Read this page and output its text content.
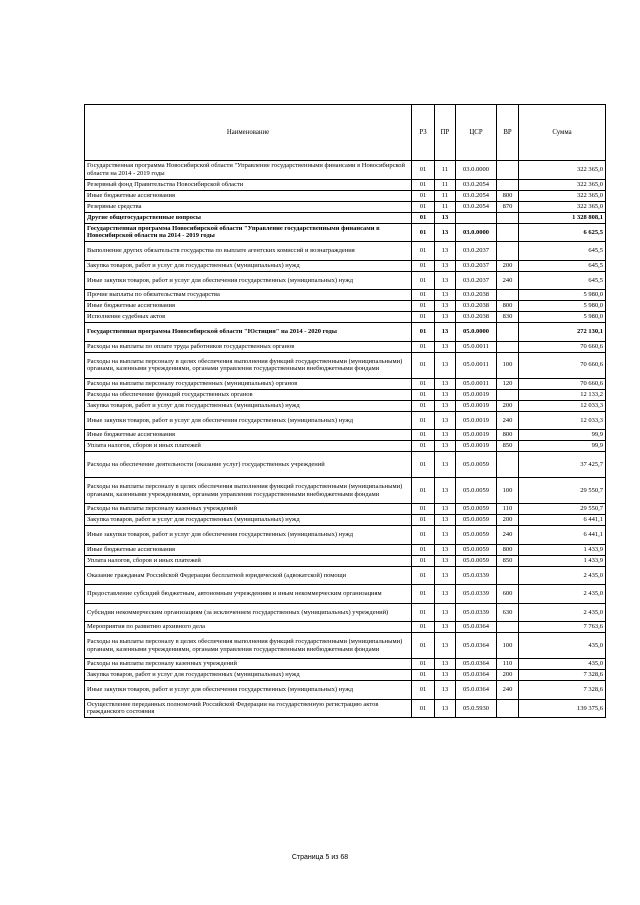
Наименование	РЗ	ПР	ЦСР	ВР	Сумма
Государственная программа Новосибирской области "Управление государственными финансами в Новосибирской области на 2014 - 2019 годы	01	11	03.0.0000		322 365,0
Резервный фонд Правительства Новосибирской области	01	11	03.0.2054		322 365,0
Иные бюджетные ассигнования	01	11	03.0.2054	800	322 365,0
Резервные средства	01	11	03.0.2054	870	322 365,0
Другие общегосударственные вопросы	01	13			1 328 808,1
Государственная программа Новосибирской области "Управление государственными финансами в Новосибирской области на 2014 - 2019 годы	01	13	03.0.0000		6 625,5
Выполнение других обязательств государства по выплате агентских комиссий и вознаграждения	01	13	03.0.2037		645,5
Закупка товаров, работ и услуг для государственных (муниципальных) нужд	01	13	03.0.2037	200	645,5
Иные закупки товаров, работ и услуг для обеспечения государственных (муниципальных) нужд	01	13	03.0.2037	240	645,5
Прочие выплаты по обязательствам государства	01	13	03.0.2038		5 980,0
Иные бюджетные ассигнования	01	13	03.0.2038	800	5 980,0
Исполнение судебных актов	01	13	03.0.2038	830	5 980,0
Государственная программа Новосибирской области "Юстиция" на 2014 - 2020 годы	01	13	05.0.0000		272 130,1
Расходы на выплаты по оплате труда работников государственных органов	01	13	05.0.0011		70 660,6
Расходы на выплаты персоналу в целях обеспечения выполнения функций государственными (муниципальными) органами, казенными учреждениями, органами управления государственными внебюджетными фондами	01	13	05.0.0011	100	70 660,6
Расходы на выплаты персоналу государственных (муниципальных) органов	01	13	05.0.0011	120	70 660,6
Расходы на обеспечение функций государственных органов	01	13	05.0.0019		12 133,2
Закупка товаров, работ и услуг для государственных (муниципальных) нужд	01	13	05.0.0019	200	12 033,3
Иные закупки товаров, работ и услуг для обеспечения государственных (муниципальных) нужд	01	13	05.0.0019	240	12 033,3
Иные бюджетные ассигнования	01	13	05.0.0019	800	99,9
Уплата налогов, сборов и иных платежей	01	13	05.0.0019	850	99,9
Расходы на обеспечение деятельности (оказание услуг) государственных учреждений	01	13	05.0.0059		37 425,7
Расходы на выплаты персоналу в целях обеспечения выполнения функций государственными (муниципальными) органами, казенными учреждениями, органами управления государственными внебюджетными фондами	01	13	05.0.0059	100	29 550,7
Расходы на выплаты персоналу казенных учреждений	01	13	05.0.0059	110	29 550,7
Закупка товаров, работ и услуг для государственных (муниципальных) нужд	01	13	05.0.0059	200	6 441,1
Иные закупки товаров, работ и услуг для обеспечения государственных (муниципальных) нужд	01	13	05.0.0059	240	6 441,1
Иные бюджетные ассигнования	01	13	05.0.0059	800	1 433,9
Уплата налогов, сборов и иных платежей	01	13	05.0.0059	850	1 433,9
Оказание гражданам Российской Федерации бесплатной юридической (адвокатской) помощи	01	13	05.0.0339		2 435,0
Предоставление субсидий бюджетным, автономным учреждениям и иным некоммерческим организациям	01	13	05.0.0339	600	2 435,0
Субсидии некоммерческим организациям (за исключением государственных (муниципальных) учреждений)	01	13	05.0.0339	630	2 435,0
Мероприятия по развитию архивного дела	01	13	05.0.0364		7 763,6
Расходы на выплаты персоналу в целях обеспечения выполнения функций государственными (муниципальными) органами, казенными учреждениями, органами управления государственными внебюджетными фондами	01	13	05.0.0364	100	435,0
Расходы на выплаты персоналу казенных учреждений	01	13	05.0.0364	110	435,0
Закупка товаров, работ и услуг для государственных (муниципальных) нужд	01	13	05.0.0364	200	7 328,6
Иные закупки товаров, работ и услуг для обеспечения государственных (муниципальных) нужд	01	13	05.0.0364	240	7 328,6
Осуществление переданных полномочий Российской Федерации на государственную регистрацию актов гражданского состояния	01	13	05.0.5930		139 375,6
Страница 5 из 68
